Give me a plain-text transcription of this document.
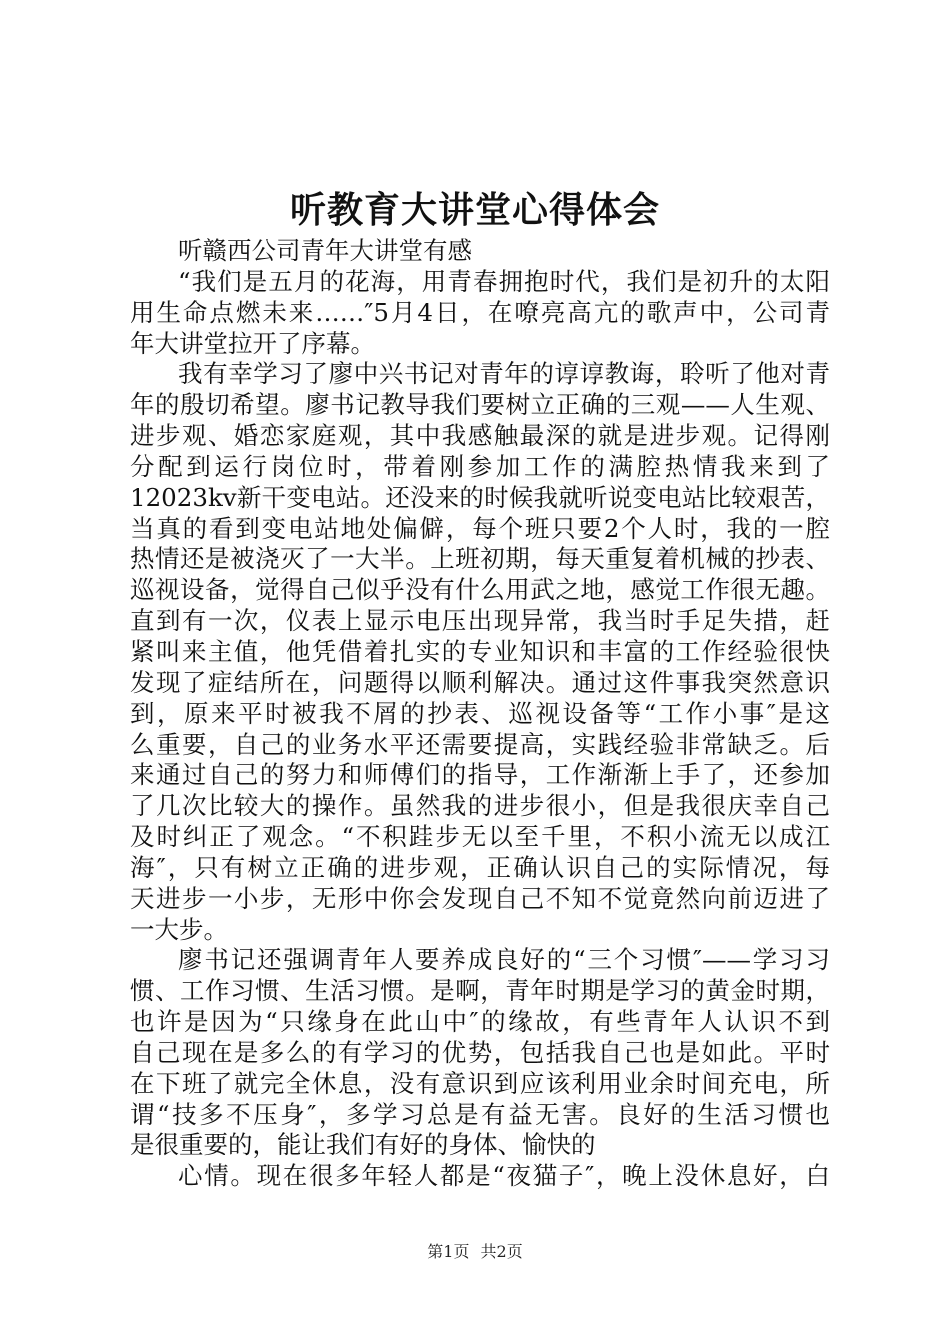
听教育大讲堂心得体会
听赣西公司青年大讲堂有感
“我们是五月的花海，用青春拥抱时代，我们是初升的太阳
用生命点燃未来……″5月4日，在嘹亮高亢的歌声中，公司青
年大讲堂拉开了序幕。
我有幸学习了廖中兴书记对青年的谆谆教诲，聆听了他对青
年的殷切希望。廖书记教导我们要树立正确的三观——人生观、
进步观、婚恋家庭观，其中我感触最深的就是进步观。记得刚
分配到运行岗位时，带着刚参加工作的满腔热情我来到了
12023kv新干变电站。还没来的时候我就听说变电站比较艰苦，
当真的看到变电站地处偏僻，每个班只要2个人时，我的一腔
热情还是被浇灭了一大半。上班初期，每天重复着机械的抄表、
巡视设备，觉得自己似乎没有什么用武之地，感觉工作很无趣。
直到有一次，仪表上显示电压出现异常，我当时手足失措，赶
紧叫来主值，他凭借着扎实的专业知识和丰富的工作经验很快
发现了症结所在，问题得以顺利解决。通过这件事我突然意识
到，原来平时被我不屑的抄表、巡视设备等“工作小事″是这
么重要，自己的业务水平还需要提高，实践经验非常缺乏。后
来通过自己的努力和师傅们的指导，工作渐渐上手了，还参加
了几次比较大的操作。虽然我的进步很小，但是我很庆幸自己
及时纠正了观念。“不积跬步无以至千里，不积小流无以成江
海″，只有树立正确的进步观，正确认识自己的实际情况，每
天进步一小步，无形中你会发现自己不知不觉竟然向前迈进了
一大步。
廖书记还强调青年人要养成良好的“三个习惯″——学习习
惯、工作习惯、生活习惯。是啊，青年时期是学习的黄金时期，
也许是因为“只缘身在此山中″的缘故，有些青年人认识不到
自己现在是多么的有学习的优势，包括我自己也是如此。平时
在下班了就完全休息，没有意识到应该利用业余时间充电，所
谓“技多不压身″，多学习总是有益无害。良好的生活习惯也
是很重要的，能让我们有好的身体、愉快的
心情。现在很多年轻人都是“夜猫子″，晚上没休息好，白
第1页 共2页
